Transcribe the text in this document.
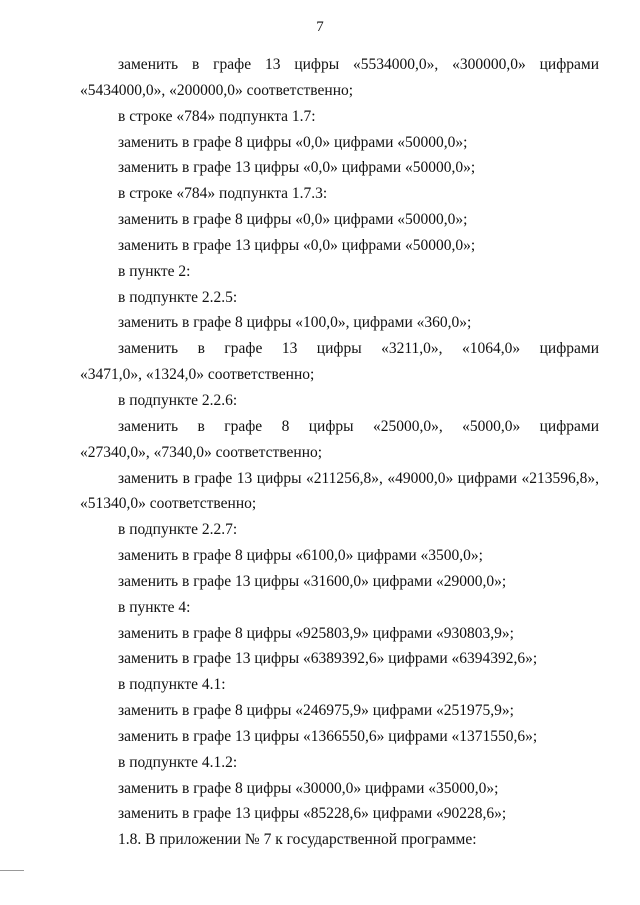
7
заменить в графе 13 цифры «5534000,0», «300000,0» цифрами
«5434000,0», «200000,0» соответственно;
в строке «784» подпункта 1.7:
заменить в графе 8 цифры «0,0» цифрами «50000,0»;
заменить в графе 13 цифры «0,0» цифрами «50000,0»;
в строке «784» подпункта 1.7.3:
заменить в графе 8 цифры «0,0» цифрами «50000,0»;
заменить в графе 13 цифры «0,0» цифрами «50000,0»;
в пункте 2:
в подпункте 2.2.5:
заменить в графе 8 цифры «100,0», цифрами «360,0»;
заменить в графе 13 цифры «3211,0», «1064,0» цифрами
«3471,0», «1324,0» соответственно;
в подпункте 2.2.6:
заменить в графе 8 цифры «25000,0», «5000,0» цифрами
«27340,0», «7340,0» соответственно;
заменить в графе 13 цифры «211256,8», «49000,0» цифрами «213596,8»,
«51340,0» соответственно;
в подпункте 2.2.7:
заменить в графе 8 цифры «6100,0» цифрами «3500,0»;
заменить в графе 13 цифры «31600,0» цифрами «29000,0»;
в пункте 4:
заменить в графе 8 цифры «925803,9» цифрами «930803,9»;
заменить в графе 13 цифры «6389392,6» цифрами «6394392,6»;
в подпункте 4.1:
заменить в графе 8 цифры «246975,9» цифрами «251975,9»;
заменить в графе 13 цифры «1366550,6» цифрами «1371550,6»;
в подпункте 4.1.2:
заменить в графе 8 цифры «30000,0» цифрами «35000,0»;
заменить в графе 13 цифры «85228,6» цифрами «90228,6»;
1.8. В приложении № 7 к государственной программе:
